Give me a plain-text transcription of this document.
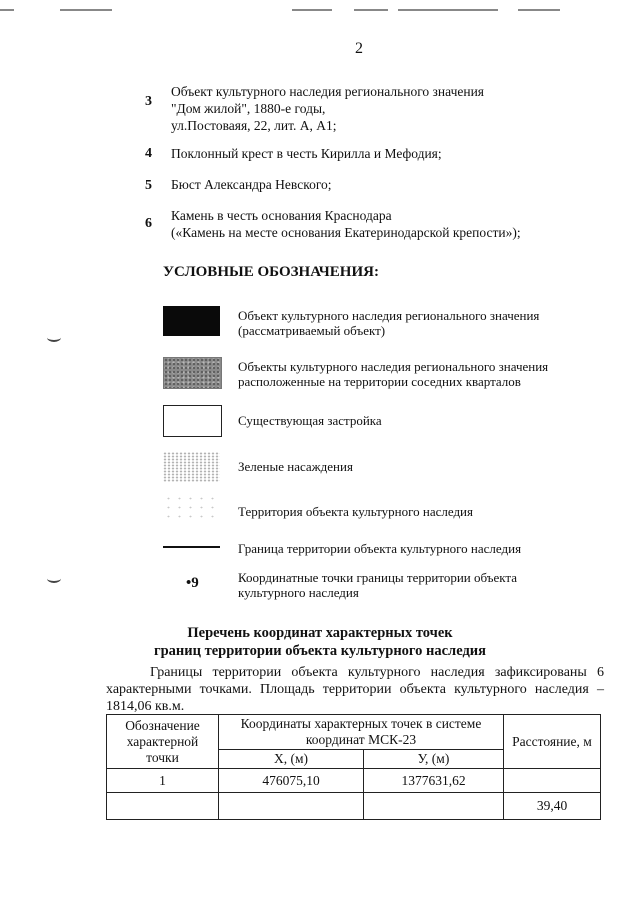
2
3
Объект культурного наследия регионального значения
"Дом жилой", 1880-е годы,
ул.Постоваяя, 22, лит. А, А1;
4 Поклонный крест в честь Кирилла и Мефодия;
5 Бюст Александра Невского;
6
Камень в честь основания Краснодара
(«Камень на месте основания Екатеринодарской крепости»);
УСЛОВНЫЕ ОБОЗНАЧЕНИЯ:
Объект культурного наследия регионального значения
(рассматриваемый объект)
Объекты культурного наследия регионального значения
расположенные на территории соседних кварталов
Существующая застройка
Зеленые насаждения
Территория объекта культурного наследия
Граница территории объекта культурного наследия
•9	Координатные точки границы территории объекта
культурного наследия
Перечень координат характерных точек
границ территории объекта культурного наследия
Границы территории объекта культурного наследия зафиксированы 6 характерными точками. Площадь территории объекта культурного наследия – 1814,06 кв.м.
Обозначение характерной точки	Координаты характерных точек в системе координат МСК-23		Расстояние, м
	X, (м)	У, (м)	
1	476075,10	1377631,62	
			39,40
